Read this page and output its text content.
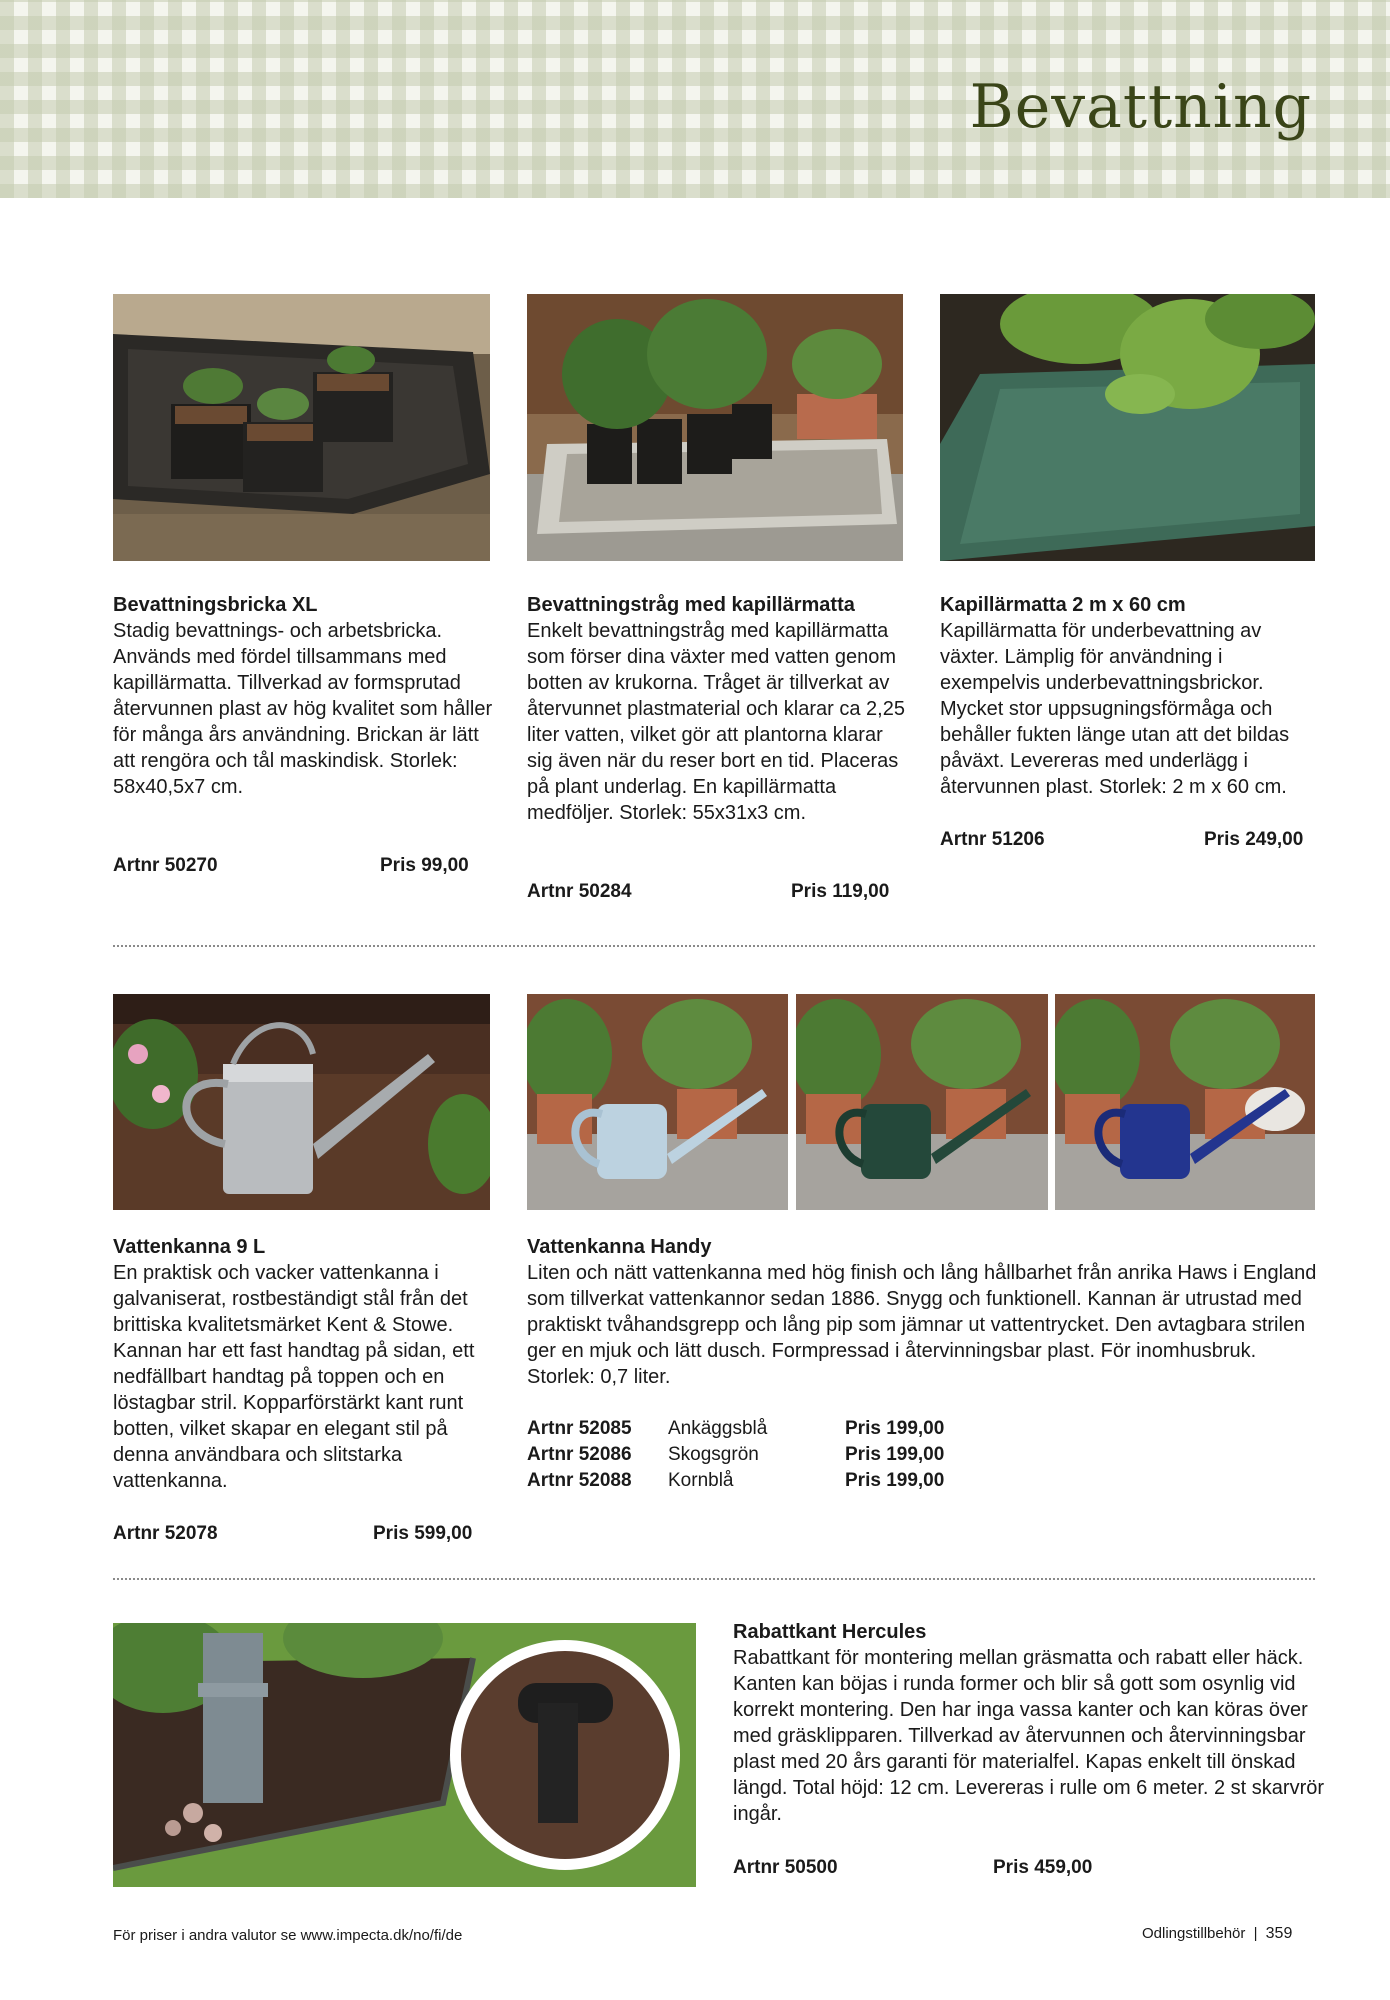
Bevattning

Bevattningsbricka XL

Stadig bevattnings- och arbetsbricka. Används med fördel tillsammans med kapillärmatta. Tillverkad av formsprutad återvunnen plast av hög kvalitet som håller för många års användning. Brickan är lätt att rengöra och tål maskindisk. Storlek: 58x40,5x7 cm.

Artnr 50270	Pris 99,00

Bevattningstråg med kapillärmatta

Enkelt bevattningstråg med kapillärmatta som förser dina växter med vatten genom botten av krukorna. Tråget är tillverkat av återvunnet plastmaterial och klarar ca 2,25 liter vatten, vilket gör att plantorna klarar sig även när du reser bort en tid. Placeras på plant underlag. En kapillärmatta medföljer. Storlek: 55x31x3 cm.

Artnr 50284	Pris 119,00

Kapillärmatta 2 m x 60 cm

Kapillärmatta för underbevattning av växter. Lämplig för användning i exempelvis underbevattningsbrickor. Mycket stor uppsugningsförmåga och behåller fukten länge utan att det bildas påväxt. Levereras med underlägg i återvunnen plast. Storlek: 2 m x 60 cm.

Artnr 51206	Pris 249,00

Vattenkanna 9 L

En praktisk och vacker vattenkanna i galvaniserat, rostbeständigt stål från det brittiska kvalitetsmärket Kent & Stowe. Kannan har ett fast handtag på sidan, ett nedfällbart handtag på toppen och en löstagbar stril. Kopparförstärkt kant runt botten, vilket skapar en elegant stil på denna användbara och slitstarka vattenkanna.

Artnr 52078	Pris 599,00

Vattenkanna Handy

Liten och nätt vattenkanna med hög finish och lång hållbarhet från anrika Haws i England som tillverkat vattenkannor sedan 1886. Snygg och funktionell. Kannan är utrustad med praktiskt tvåhandsgrepp och lång pip som jämnar ut vattentrycket. Den avtagbara strilen ger en mjuk och lätt dusch. Formpressad i återvinningsbar plast. För inomhusbruk. Storlek: 0,7 liter.

Artnr 52085 Ankäggsblå	Pris 199,00
Artnr 52086 Skogsgrön	Pris 199,00
Artnr 52088 Kornblå	Pris 199,00

Rabattkant Hercules

Rabattkant för montering mellan gräsmatta och rabatt eller häck. Kanten kan böjas i runda former och blir så gott som osynlig vid korrekt montering. Den har inga vassa kanter och kan köras över med gräsklipparen. Tillverkad av återvunnen och återvinningsbar plast med 20 års garanti för materialfel. Kapas enkelt till önskad längd. Total höjd: 12 cm. Levereras i rulle om 6 meter. 2 st skarvrör ingår.

Artnr 50500	Pris 459,00
För priser i andra valutor se www.impecta.dk/no/fi/de	Odlingstillbehör | 359
